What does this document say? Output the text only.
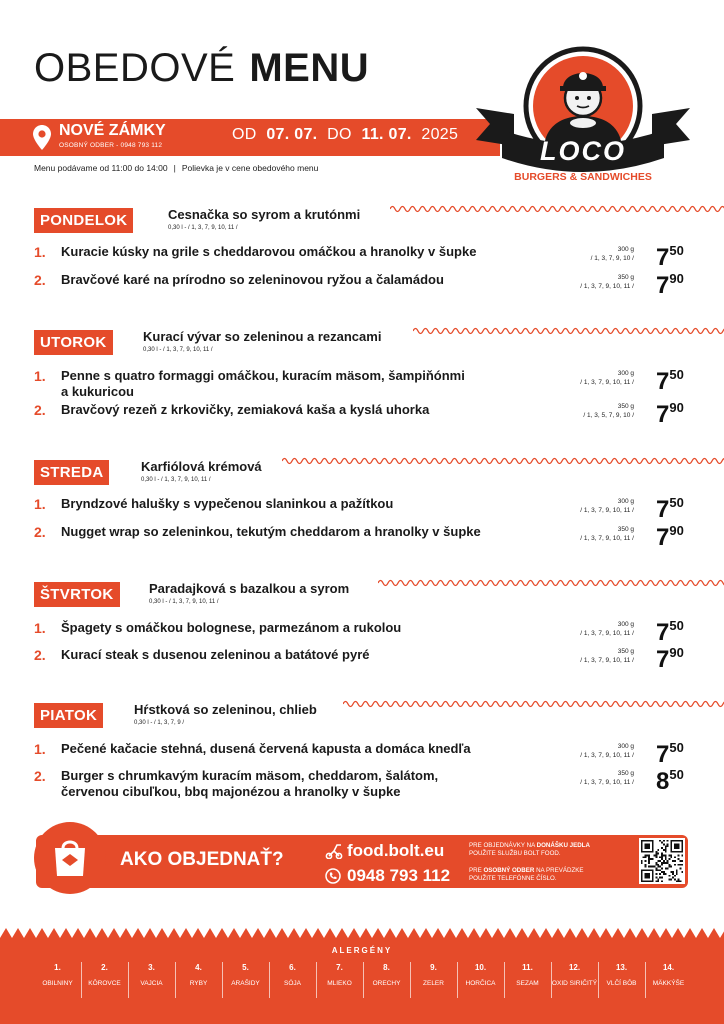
OBEDOVÉ MENU
NOVÉ ZÁMKY
OSOBNÝ ODBER - 0948 793 112
OD 07. 07. DO 11. 07. 2025
Menu podávame od 11:00 do 14:00 | Polievka je v cene obedového menu
LOCO
BURGERS & SANDWICHES
PONDELOK	Cesnačka so syrom a krutónmi
0,30 l - / 1, 3, 7, 9, 10, 11 /
1. Kuracie kúsky na grile s cheddarovou omáčkou a hranolky v šupke	300 g
/ 1, 3, 7, 9, $10 / 7^{50}$
2. Bravčové karé na prírodno so zeleninovou ryžou a čalamádou	350 g
/ 1, 3, 7, 9, 10, $11 / 7^{90}$
UTOROK	Kurací vývar so zeleninou a rezancami
0,30 l - / 1, 3, 7, 9, 10, 11 /
1. Penne s quatro formaggi omáčkou, kuracím mäsom, šampiňónmi
a kukuricou
300 g
/ 1, 3, 7, 9, 10, $11 / 7^{50}$
2. Bravčový rezeň z krkovičky, zemiaková kaša a kyslá uhorka	350 g
/ 1, 3, 5, 7, 9, $10 / 7^{90}$
STREDA	Karfiólová krémová
0,30 l - / 1, 3, 7, 9, 10, 11 /
1. Bryndzové halušky s vypečenou slaninkou a pažítkou	300 g
/ 1, 3, 7, 9, 10, $11 / 7^{50}$
2. Nugget wrap so zeleninkou, tekutým cheddarom a hranolky v šupke	350 g
/ 1, 3, 7, 9, 10, $11 / 7^{90}$
ŠTVRTOK	Paradajková s bazalkou a syrom
0,30 l - / 1, 3, 7, 9, 10, 11 /
1. Špagety s omáčkou bolognese, parmezánom a rukolou	300 g
/ 1, 3, 7, 9, 10, $11 / 7^{50}$
2. Kurací steak s dusenou zeleninou a batátové pyré	350 g
/ 1, 3, 7, 9, 10, $11 / 7^{90}$
PIATOK	Hŕstková so zeleninou, chlieb
0,30 l - / 1, 3, 7, 9 /
1. Pečené kačacie stehná, dusená červená kapusta a domáca knedľa	300 g
/ 1, 3, 7, 9, 10, $11 / 7^{50}$
2. Burger s chrumkavým kuracím mäsom, cheddarom, šalátom,
červenou cibuľkou, bbq majonézou a hranolky v šupke
350 g
/ 1, 3, 7, 9, 10, $11 / 8^{50}$
AKO OBJEDNAŤ?	food.bolt.eu
0948 793 112
PRE OBJEDNÁVKY NA DONÁŠKU JEDLA
POUŽITE SLUŽBU BOLT FOOD.
PRE OSOBNÝ ODBER NA PREVÁDZKE
POUŽITE TELEFÓNNE ČÍSLO.
ALERGÉNY
1.
OBILNINY
2.
KÔROVCE
3.
VAJCIA
4.
RYBY
5.
ARAŠIDY
6.
SÓJA
7.
MLIEKO
8.
ORECHY
9.
ZELER
10.
HORČICA
11.
SEZAM
12.
OXID SIRIČITÝ
13.
VLČÍ BÔB
14.
MÄKKÝŠE
